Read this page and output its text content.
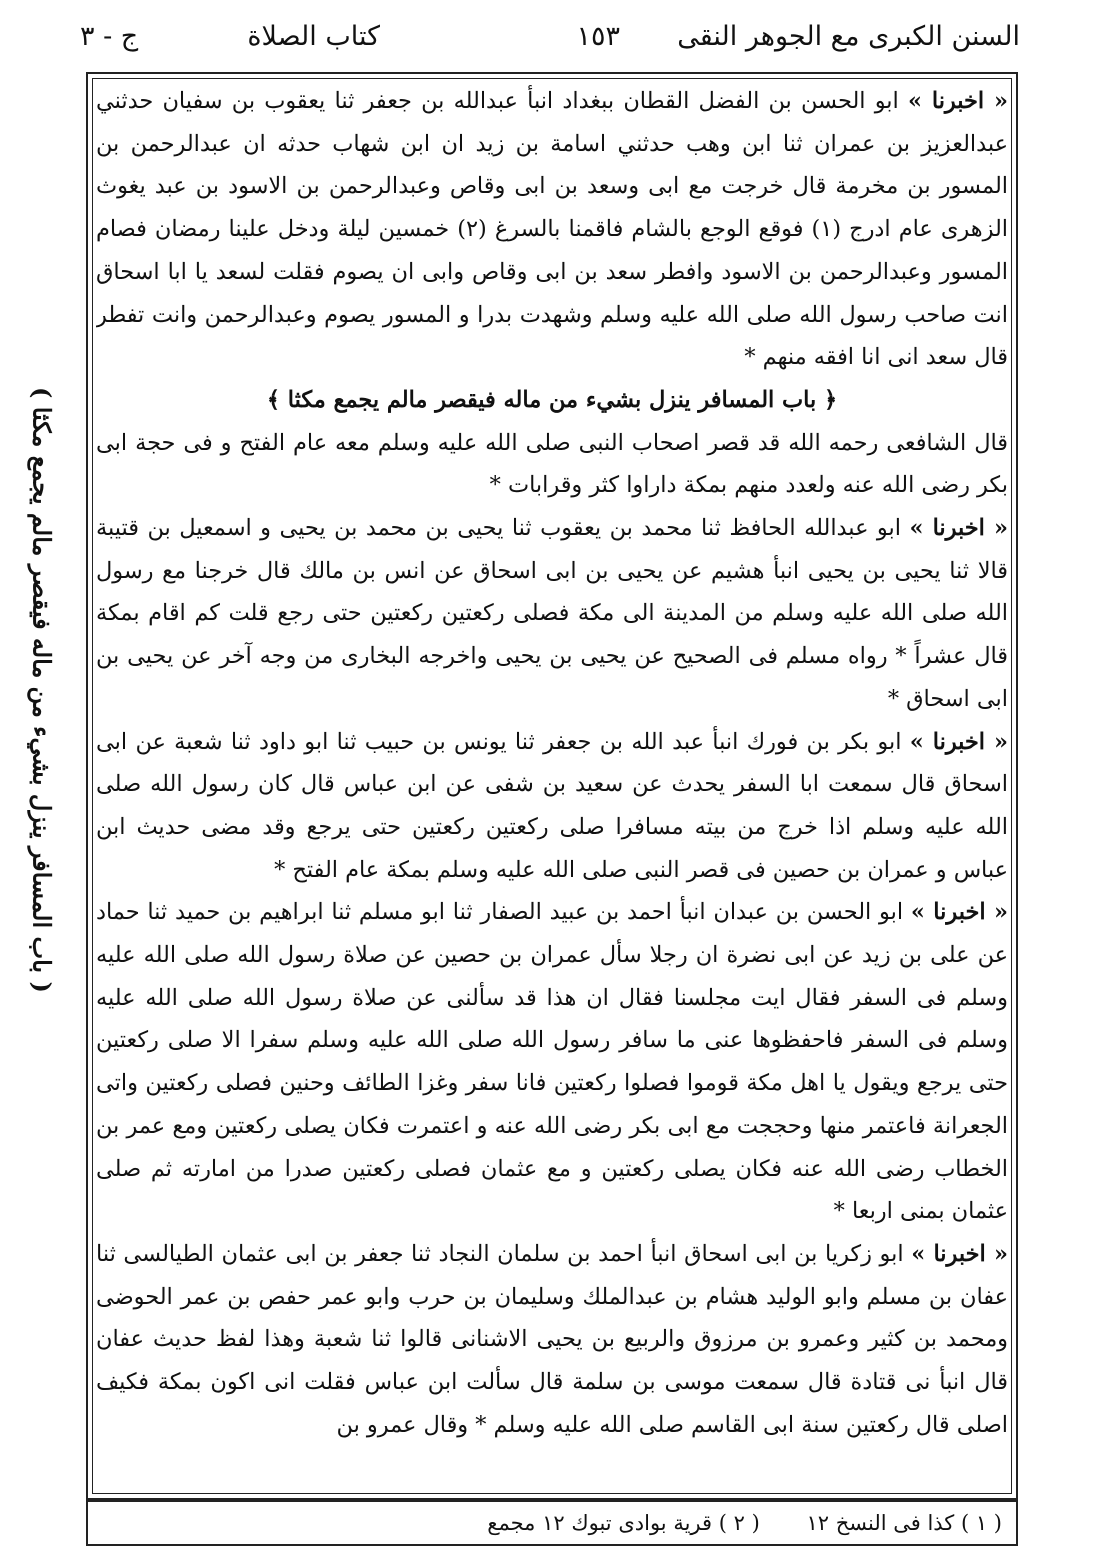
السنن الكبرى مع الجوهر النقى
١٥٣
كتاب الصلاة
ج - ٣

« اخبرنا » ابو الحسن بن الفضل القطان ببغداد انبأ عبدالله بن جعفر ثنا يعقوب بن سفيان حدثني عبدالعزيز بن عمران ثنا ابن وهب حدثني اسامة بن زيد ان ابن شهاب حدثه ان عبدالرحمن بن المسور بن مخرمة قال خرجت مع ابى وسعد بن ابى وقاص وعبدالرحمن بن الاسود بن عبد يغوث الزهرى عام ادرج (١) فوقع الوجع بالشام فاقمنا بالسرغ (٢) خمسين ليلة ودخل علينا رمضان فصام المسور وعبدالرحمن بن الاسود وافطر سعد بن ابى وقاص وابى ان يصوم فقلت لسعد يا ابا اسحاق انت صاحب رسول الله صلى الله عليه وسلم وشهدت بدرا و المسور يصوم وعبدالرحمن وانت تفطر قال سعد انى انا افقه منهم *

﴿ باب المسافر ينزل بشيء من ماله فيقصر مالم يجمع مكثا ﴾

قال الشافعى رحمه الله قد قصر اصحاب النبى صلى الله عليه وسلم معه عام الفتح و فى حجة ابى بكر رضى الله عنه ولعدد منهم بمكة داراوا كثر وقرابات *

« اخبرنا » ابو عبدالله الحافظ ثنا محمد بن يعقوب ثنا يحيى بن محمد بن يحيى و اسمعيل بن قتيبة قالا ثنا يحيى بن يحيى انبأ هشيم عن يحيى بن ابى اسحاق عن انس بن مالك قال خرجنا مع رسول الله صلى الله عليه وسلم من المدينة الى مكة فصلى ركعتين ركعتين حتى رجع قلت كم اقام بمكة قال عشراً * رواه مسلم فى الصحيح عن يحيى بن يحيى واخرجه البخارى من وجه آخر عن يحيى بن ابى اسحاق *

« اخبرنا » ابو بكر بن فورك انبأ عبد الله بن جعفر ثنا يونس بن حبيب ثنا ابو داود ثنا شعبة عن ابى اسحاق قال سمعت ابا السفر يحدث عن سعيد بن شفى عن ابن عباس قال كان رسول الله صلى الله عليه وسلم اذا خرج من بيته مسافرا صلى ركعتين ركعتين حتى يرجع وقد مضى حديث ابن عباس و عمران بن حصين فى قصر النبى صلى الله عليه وسلم بمكة عام الفتح *

« اخبرنا » ابو الحسن بن عبدان انبأ احمد بن عبيد الصفار ثنا ابو مسلم ثنا ابراهيم بن حميد ثنا حماد عن على بن زيد عن ابى نضرة ان رجلا سأل عمران بن حصين عن صلاة رسول الله صلى الله عليه وسلم فى السفر فقال ايت مجلسنا فقال ان هذا قد سألنى عن صلاة رسول الله صلى الله عليه وسلم فى السفر فاحفظوها عنى ما سافر رسول الله صلى الله عليه وسلم سفرا الا صلى ركعتين حتى يرجع ويقول يا اهل مكة قوموا فصلوا ركعتين فانا سفر وغزا الطائف وحنين فصلى ركعتين واتى الجعرانة فاعتمر منها وحججت مع ابى بكر رضى الله عنه و اعتمرت فكان يصلى ركعتين ومع عمر بن الخطاب رضى الله عنه فكان يصلى ركعتين و مع عثمان فصلى ركعتين صدرا من امارته ثم صلى عثمان بمنى اربعا *

« اخبرنا » ابو زكريا بن ابى اسحاق انبأ احمد بن سلمان النجاد ثنا جعفر بن ابى عثمان الطيالسى ثنا عفان بن مسلم وابو الوليد هشام بن عبدالملك وسليمان بن حرب وابو عمر حفص بن عمر الحوضى ومحمد بن كثير وعمرو بن مرزوق والربيع بن يحيى الاشنانى قالوا ثنا شعبة وهذا لفظ حديث عفان قال انبأ نى قتادة قال سمعت موسى بن سلمة قال سألت ابن عباس فقلت انى اكون بمكة فكيف اصلى قال ركعتين سنة ابى القاسم صلى الله عليه وسلم * وقال عمرو بن

( ١ ) كذا فى النسخ ١٢ ( ٢ ) قرية بوادى تبوك ١٢ مجمع
( باب المسافر ينزل بشيء من ماله فيقصر مالم يجمع مكثا )
